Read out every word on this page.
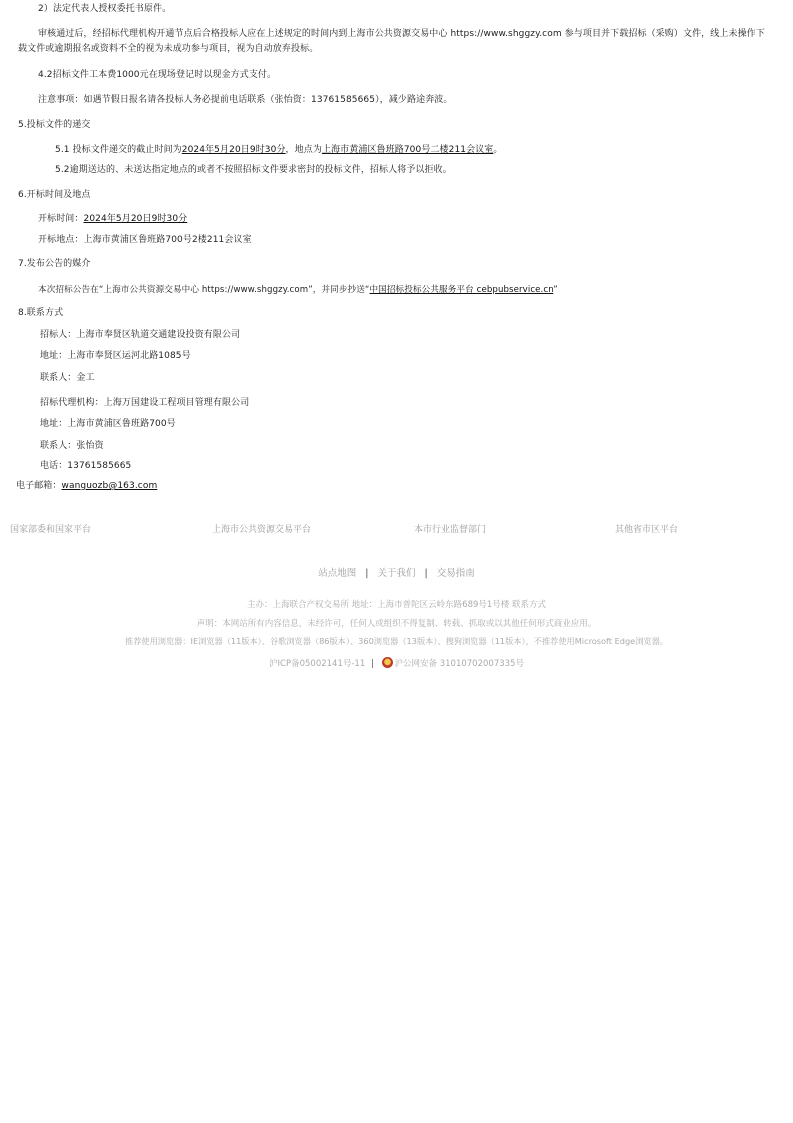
2）法定代表人授权委托书原件。
审核通过后，经招标代理机构开通节点后合格投标人应在上述规定的时间内到上海市公共资源交易中心 https://www.shggzy.com 参与项目并下载招标（采购）文件，线上未操作下载文件或逾期报名或资料不全的视为未成功参与项目，视为自动放弃投标。
4.2招标文件工本费1000元在现场登记时以现金方式支付。
注意事项：如遇节假日报名请各投标人务必提前电话联系（张怡资：13761585665），减少路途奔波。
5.投标文件的递交
5.1 投标文件递交的截止时间为2024年5月20日9时30分，地点为上海市黄浦区鲁班路700号二楼211会议室。
5.2逾期送达的、未送达指定地点的或者不按照招标文件要求密封的投标文件，招标人将予以拒收。
6.开标时间及地点
开标时间：2024年5月20日9时30分
开标地点：上海市黄浦区鲁班路700号2楼211会议室
7.发布公告的媒介
本次招标公告在“上海市公共资源交易中心 https://www.shggzy.com”，并同步抄送“中国招标投标公共服务平台 cebpubservice.cn”
8.联系方式
招标人：上海市奉贤区轨道交通建设投资有限公司
地址：上海市奉贤区运河北路1085号
联系人：金工
招标代理机构：上海万国建设工程项目管理有限公司
地址：上海市黄浦区鲁班路700号
联系人：张怡资
电话：13761585665
电子邮箱：wanguozb@163.com
国家部委和国家平台	上海市公共资源交易平台	本市行业监督部门	其他省市区平台
站点地图 | 关于我们 | 交易指南
主办：上海联合产权交易所 地址：上海市普陀区云岭东路689号1号楼 联系方式
声明：本网站所有内容信息，未经许可，任何人或组织不得复制、转载、抓取或以其他任何形式商业应用。
推荐使用浏览器：IE浏览器（11版本）、谷歌浏览器（86版本）、360浏览器（13版本）、搜狗浏览器（11版本），不推荐使用Microsoft Edge浏览器。
沪ICP备05002141号-11 | 沪公网安备 31010702007335号
